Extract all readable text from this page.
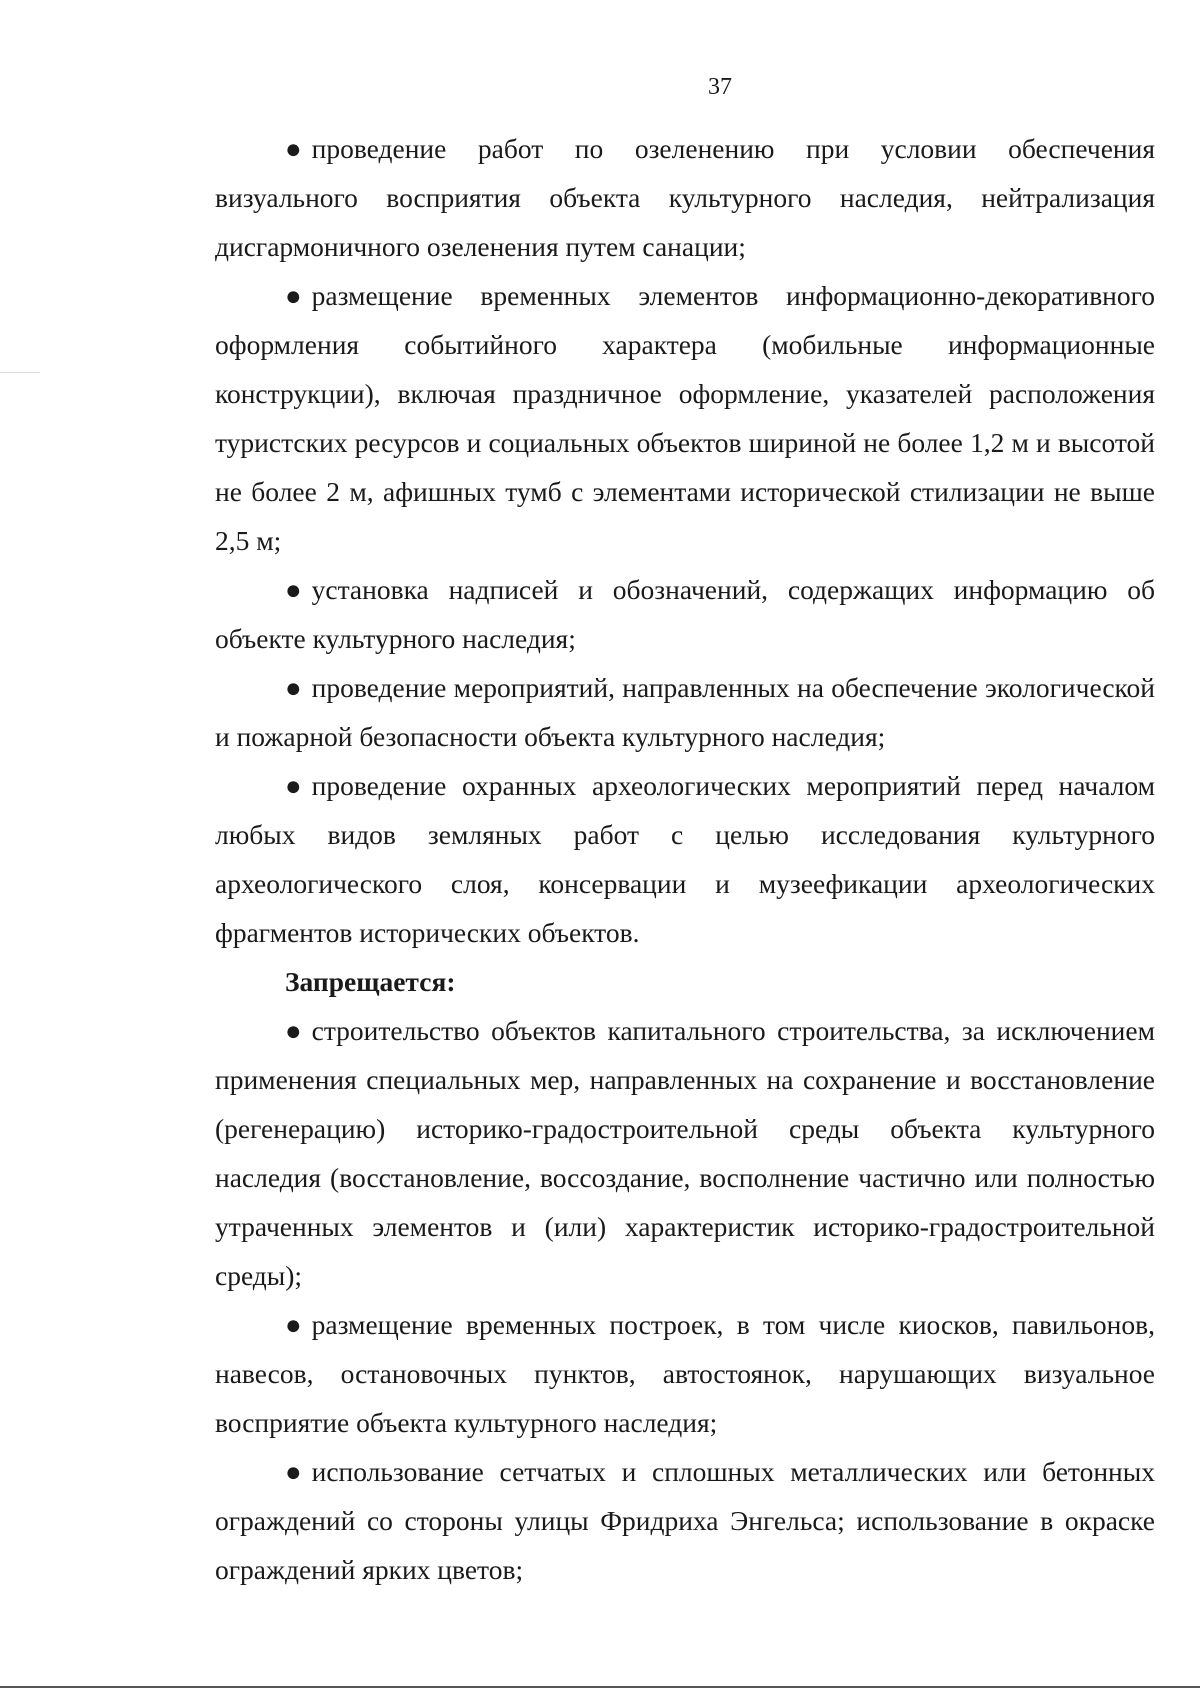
37

● проведение работ по озеленению при условии обеспечения визуального восприятия объекта культурного наследия, нейтрализация дисгармоничного озеленения путем санации;

● размещение временных элементов информационно-декоративного оформления событийного характера (мобильные информационные конструкции), включая праздничное оформление, указателей расположения туристских ресурсов и социальных объектов шириной не более 1,2 м и высотой не более 2 м, афишных тумб с элементами исторической стилизации не выше 2,5 м;

● установка надписей и обозначений, содержащих информацию об объекте культурного наследия;

● проведение мероприятий, направленных на обеспечение экологической и пожарной безопасности объекта культурного наследия;

● проведение охранных археологических мероприятий перед началом любых видов земляных работ с целью исследования культурного археологического слоя, консервации и музеефикации археологических фрагментов исторических объектов.

Запрещается:

● строительство объектов капитального строительства, за исключением применения специальных мер, направленных на сохранение и восстановление (регенерацию) историко-градостроительной среды объекта культурного наследия (восстановление, воссоздание, восполнение частично или полностью утраченных элементов и (или) характеристик историко-градостроительной среды);

● размещение временных построек, в том числе киосков, павильонов, навесов, остановочных пунктов, автостоянок, нарушающих визуальное восприятие объекта культурного наследия;

● использование сетчатых и сплошных металлических или бетонных ограждений со стороны улицы Фридриха Энгельса; использование в окраске ограждений ярких цветов;
